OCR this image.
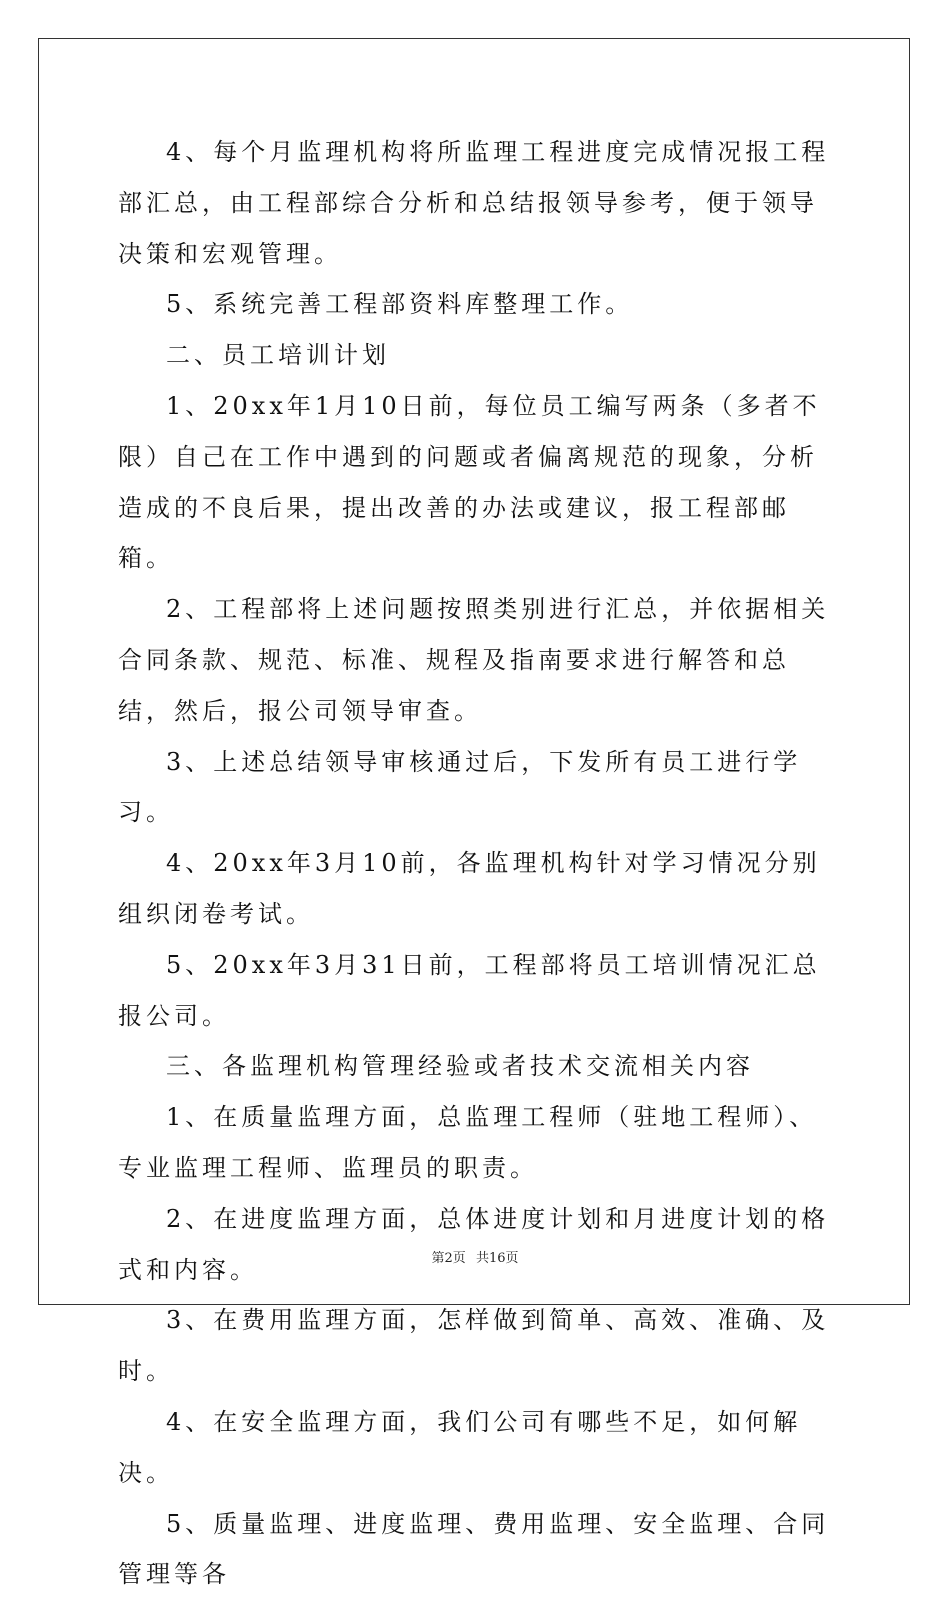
4、每个月监理机构将所监理工程进度完成情况报工程部汇总，由工程部综合分析和总结报领导参考，便于领导决策和宏观管理。

5、系统完善工程部资料库整理工作。

二、员工培训计划

1、20xx年1月10日前，每位员工编写两条（多者不限）自己在工作中遇到的问题或者偏离规范的现象，分析造成的不良后果，提出改善的办法或建议，报工程部邮箱。

2、工程部将上述问题按照类别进行汇总，并依据相关合同条款、规范、标准、规程及指南要求进行解答和总结，然后，报公司领导审查。

3、上述总结领导审核通过后，下发所有员工进行学习。

4、20xx年3月10前，各监理机构针对学习情况分别组织闭卷考试。

5、20xx年3月31日前，工程部将员工培训情况汇总报公司。

三、各监理机构管理经验或者技术交流相关内容

1、在质量监理方面，总监理工程师（驻地工程师）、专业监理工程师、监理员的职责。

2、在进度监理方面，总体进度计划和月进度计划的格式和内容。

3、在费用监理方面，怎样做到简单、高效、准确、及时。

4、在安全监理方面，我们公司有哪些不足，如何解决。

5、质量监理、进度监理、费用监理、安全监理、合同管理等各

第2页 共16页
